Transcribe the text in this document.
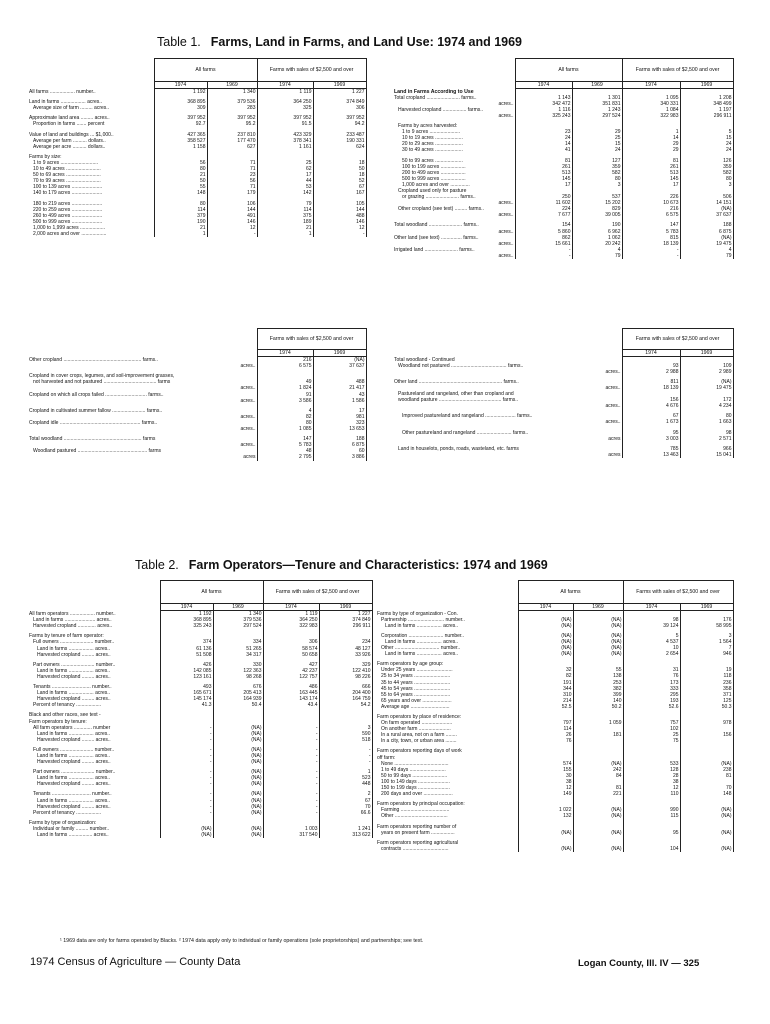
Table 1. Farms, Land in Farms, and Land Use: 1974 and 1969
	All farms		Farms with sales of $2,500 and over	
	1974	1969	1974	1969
All farms .................. number..	1 192	1 340	1 119	1 227

Land in farms .................. acres..	368 895	379 536	364 250	374 849
Average size of farm ......... acres..	309	283	325	306

Approximate land area ......... acres..	397 952	397 952	397 952	397 952
Proportion in farms ....... percent	92.7	95.2	91.5	94.2

Value of land and buildings ... $1,000..	427 365	237 810	423 329	233 487
Average per farm .......... dollars..	358 527	177 470	378 341	190 331
Average per acre .......... dollars..	1 158	627	1 161	624

Farms by size:				
1 to 9 acres ...........................	56	71	25	18
10 to 49 acres .........................	80	71	62	50
50 to 69 acres .........................	21	23	17	18
70 to 99 acres .........................	50	56	44	52
100 to 139 acres ......................	55	71	53	67
140 to 179 acres ......................	148	179	142	167

180 to 219 acres ......................	80	106	79	105
220 to 259 acres ......................	114	144	114	144
260 to 499 acres ......................	379	491	375	488
500 to 999 acres ......................	190	146	189	146
1,000 to 1,999 acres ..................	21	12	21	12
2,000 acres and over ..................	1	-	1	-
	All farms		Farms with sales of $2,500 and over	
	1974	1969	1974	1969
Land in Farms According to Use				
Total cropland ........................ farms..	1 143	1 301	1 095	1 208
acres..	342 472	351 831	340 331	348 499
Harvested cropland ................. farms..	1 116	1 243	1 084	1 197
acres..	325 243	297 524	322 983	296 911

Farms by acres harvested:				
1 to 9 acres ......................	23	29	1	5
10 to 19 acres ....................	24	25	14	15
20 to 29 acres ....................	14	15	29	24
30 to 49 acres ....................	41	24	29	24

50 to 99 acres ....................	81	127	81	126
100 to 199 acres ..................	261	359	261	359
200 to 499 acres ..................	513	582	513	582
500 to 999 acres ..................	145	80	145	80
1,000 acres and over ..............	17	3	17	3
Cropland used only for pasture				
or grazing ........................ farms..	250	537	226	506
acres..	11 602	15 202	10 673	14 151
Other cropland (see text) ......... farms..	224	829	216	(NA)
acres..	7 677	39 005	6 575	37 637

Total woodland ........................ farms..	154	190	147	188
acres..	5 860	6 962	5 783	6 875
Other land (see text) ............... farms..	862	1 062	815	(NA)
acres..	15 661	20 242	18 139	19 475
Irrigated land ........................ farms..	-	4	-	4
acres..	-	79	-	79
	Farms with sales of $2,500 and over	
	1974	1969
Other cropland ........................................................ farms..	216	(NA)
acres..	6 575	37 637

Cropland in cover crops, legumes, and soil-improvement grasses,		
not harvested and not pastured ...................................... farms	49	488
acres..	1 824	21 417
Cropland on which all crops failed .............................. farms..	91	43
acres..	3 586	1 586

Cropland in cultivated summer fallow ........................ farms..	4	17
acres..	82	981
Cropland idle .......................................................... farms..	80	323
acres..	1 085	13 653

Total woodland ........................................................ farms	147	188
acres..	5 783	6 875
Woodland pastured .................................................. farms	48	60
acres	2 795	3 886
	Farms with sales of $2,500 and over	
	1974	1969
Total woodland - Continued		
Woodland not pastured ........................................ farms..	93	109
acres..	2 988	2 989

Other land ............................................................ farms..	811	(NA)
acres..	18 139	19 475
Pastureland and rangeland, other than cropland and		
woodland pasture ............................................. farms..	156	172
acres..	4 676	4 234

Improved pastureland and rangeland ...................... farms..	67	80
acres..	1 673	1 663

Other pastureland and rangeland ......................... farms..	95	98
acres	3 003	2 571

Land in houselots, ponds, roads, wasteland, etc. farms	785	966
acres	13 463	15 041
Table 2. Farm Operators—Tenure and Characteristics: 1974 and 1969
	All farms		Farms with sales of $2,500 and over	
	1974	1969	1974	1969
All farm operators .................. number..	1 192	1 340	1 119	1 227
Land in farms ...................... acres..	368 895	379 536	364 250	374 849
Harvested cropland ............. acres..	325 243	297 524	322 983	296 911

Farms by tenure of farm operator:				
Full owners ........................ number..	374	334	306	234
Land in farms .................. acres..	61 136	51 265	58 574	48 127
Harvested cropland ......... acres..	51 508	34 317	50 658	33 926

Part owners ........................ number..	426	330	427	329
Land in farms .................. acres..	142 085	122 363	42 237	122 410
Harvested cropland ......... acres..	123 161	98 268	122 757	98 226

Tenants ............................ number..	493	676	486	666
Land in farms .................. acres..	165 671	205 413	163 445	204 400
Harvested cropland ......... acres..	145 174	164 939	143 174	164 759
Percent of tenancy ..................	41.3	50.4	43.4	54.2

Black and other races, see text -				
Farm operators by tenure:				
All farm operators ............. number	-	(NA)	-	3
Land in farms .................. acres..	-	(NA)	-	590
Harvested cropland ......... acres..	-	(NA)	-	518

Full owners ........................ number..	-	(NA)	-	-
Land in farms .................. acres..	-	(NA)	-	-
Harvested cropland ......... acres..	-	(NA)	-	-

Part owners ........................ number..	-	(NA)	-	1
Land in farms .................. acres..	-	(NA)	-	523
Harvested cropland ......... acres..	-	(NA)	-	448

Tenants ............................ number..	-	(NA)	-	2
Land in farms .................. acres..	-	(NA)	-	67
Harvested cropland ......... acres..	-	(NA)	-	70
Percent of tenancy ..................	-	(NA)	-	66.6

Farms by type of organization:				
Individual or family ......... number..	(NA)	(NA)	1 003	1 241
Land in farms ................. acres..	(NA)	(NA)	317 540	313 622
	All farms		Farms with sales of $2,500 and over	
	1974	1969	1974	1969
Farms by type of organization - Con.				
Partnership .......................... number..	(NA)	(NA)	98	176
Land in farms .................. acres..	(NA)	(NA)	39 124	58 995

Corporation ......................... number..	(NA)	(NA)	5	3
Land in farms .................. acres..	(NA)	(NA)	4 537	1 564
Other ................................ number..	(NA)	(NA)	10	7
Land in farms .................. acres..	(NA)	(NA)	2 654	946

Farm operators by age group:				
Under 25 years ..........................	32	55	31	19
25 to 34 years ..........................	82	138	76	118
35 to 44 years ..........................	191	253	173	236
45 to 54 years ..........................	344	382	333	358
55 to 64 years ..........................	310	399	295	371
65 years and over .....................	214	140	193	125
Average age ............................	52.5	50.2	52.6	50.3

Farm operators by place of residence:				
On farm operated ......................	797	1 059	757	978
On another farm .......................	114		102	
In a rural area, not on a farm ........	26	181	25	156
In a city, town, or urban area ........	76		75	

Farm operators reporting days of work				
off farm:				
None .......................................	574	(NA)	533	(NA)
1 to 49 days ..........................	155	242	128	238
50 to 99 days .........................	30	84	28	81
100 to 149 days .......................	38		38	
150 to 199 days .......................	12	81	12	70
200 days and over .....................	149	221	110	148

Farm operators by principal occupation:				
Farming ...................................	1 022	(NA)	990	(NA)
Other ......................................	132	(NA)	115	(NA)

Farm operators reporting number of				
years on present farm .................	(NA)	(NA)	95	(NA)

Farm operators reporting agricultural				
contracts .................................	(NA)	(NA)	104	(NA)
¹ 1969 data are only for farms operated by Blacks. ² 1974 data apply only to individual or family operations (sole proprietorships) and partnerships; see text.
1974 Census of Agriculture — County Data	Logan County, Ill. IV — 325
